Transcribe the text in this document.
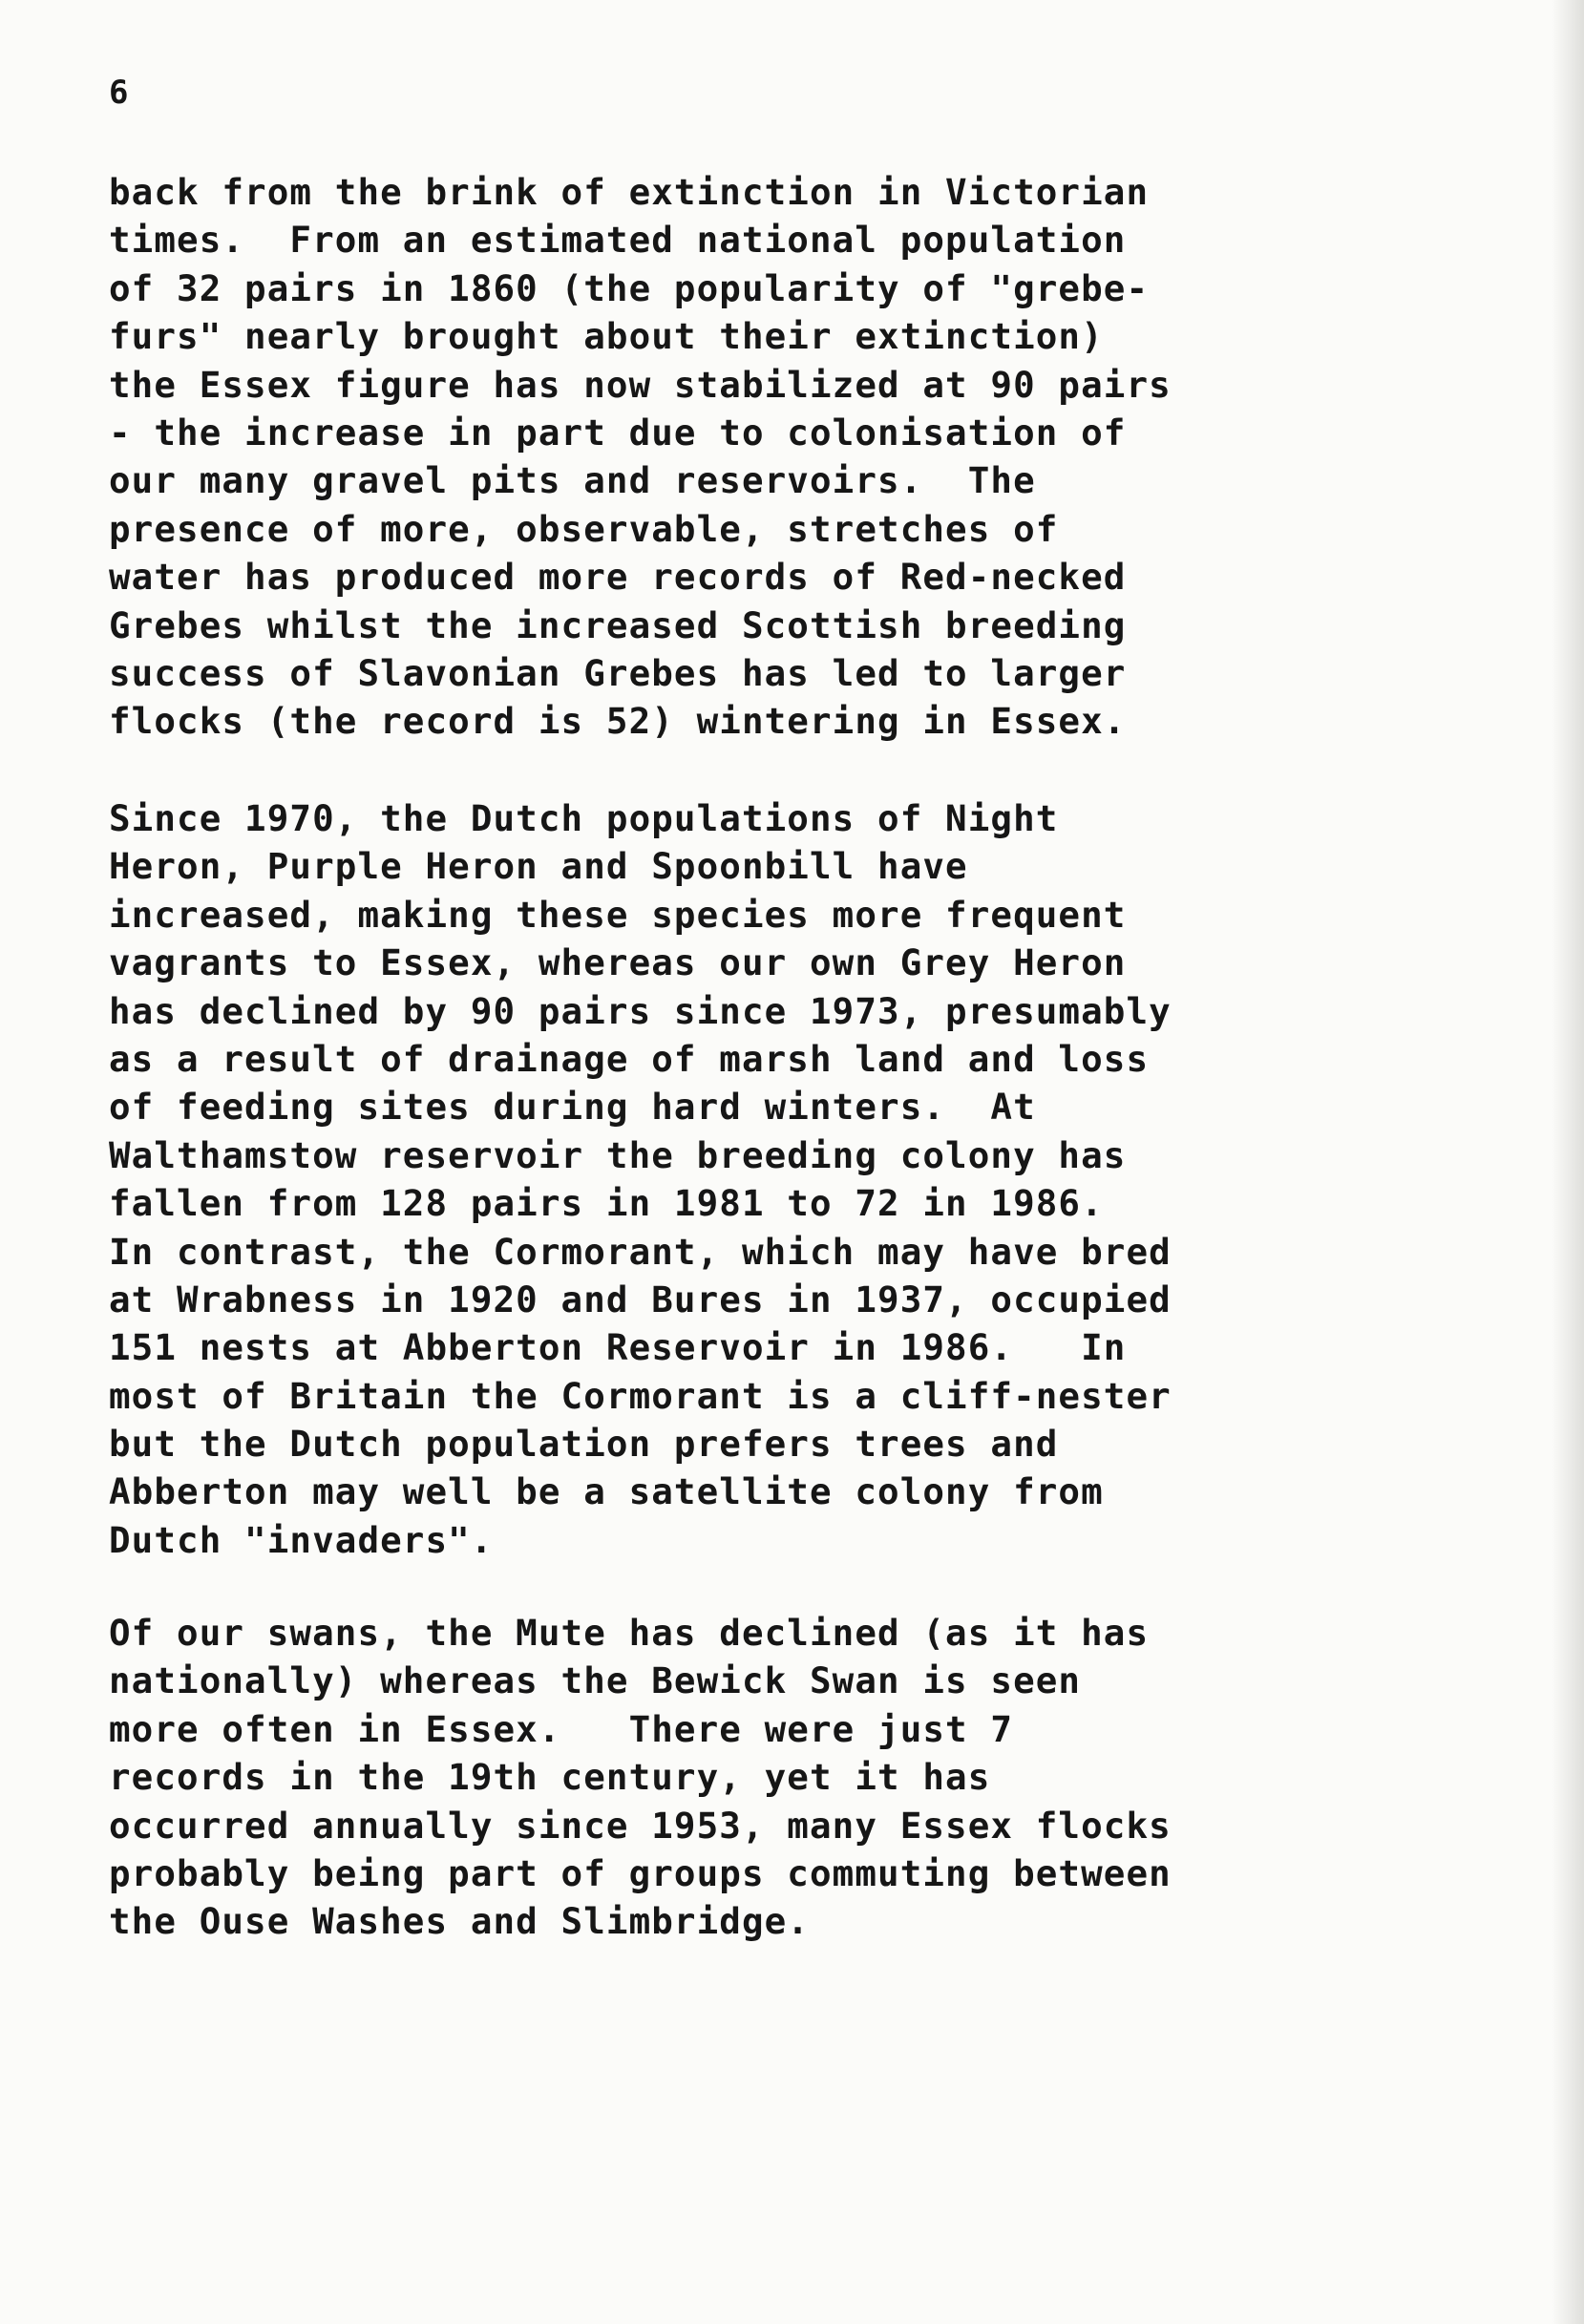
6
back from the brink of extinction in Victorian
times.  From an estimated national population
of 32 pairs in 1860 (the popularity of "grebe-
furs" nearly brought about their extinction)
the Essex figure has now stabilized at 90 pairs
- the increase in part due to colonisation of
our many gravel pits and reservoirs.  The
presence of more, observable, stretches of
water has produced more records of Red-necked
Grebes whilst the increased Scottish breeding
success of Slavonian Grebes has led to larger
flocks (the record is 52) wintering in Essex.
Since 1970, the Dutch populations of Night
Heron, Purple Heron and Spoonbill have
increased, making these species more frequent
vagrants to Essex, whereas our own Grey Heron
has declined by 90 pairs since 1973, presumably
as a result of drainage of marsh land and loss
of feeding sites during hard winters.  At
Walthamstow reservoir the breeding colony has
fallen from 128 pairs in 1981 to 72 in 1986.
In contrast, the Cormorant, which may have bred
at Wrabness in 1920 and Bures in 1937, occupied
151 nests at Abberton Reservoir in 1986.   In
most of Britain the Cormorant is a cliff-nester
but the Dutch population prefers trees and
Abberton may well be a satellite colony from
Dutch "invaders".
Of our swans, the Mute has declined (as it has
nationally) whereas the Bewick Swan is seen
more often in Essex.   There were just 7
records in the 19th century, yet it has
occurred annually since 1953, many Essex flocks
probably being part of groups commuting between
the Ouse Washes and Slimbridge.
